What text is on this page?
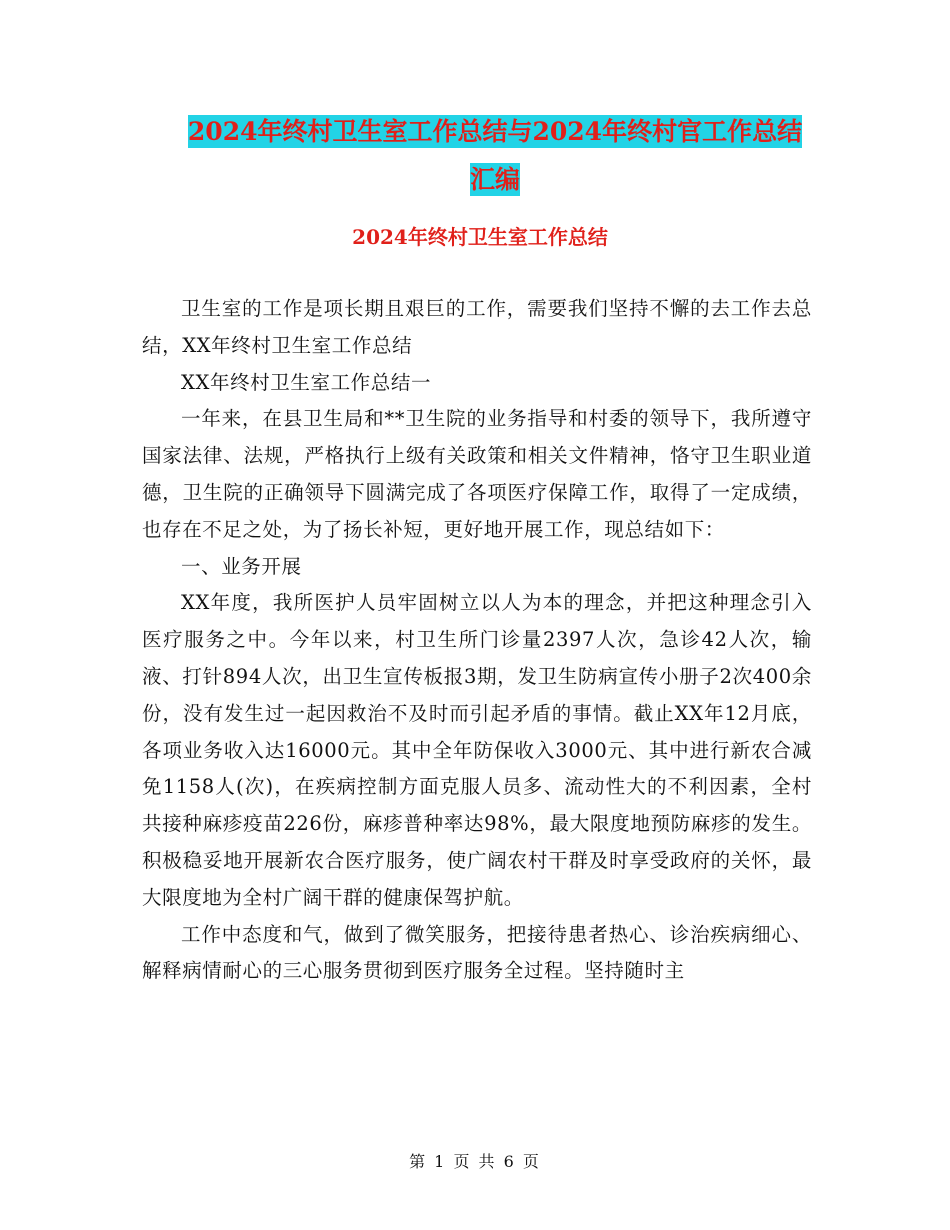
2024年终村卫生室工作总结与2024年终村官工作总结
汇编
2024年终村卫生室工作总结

卫生室的工作是项长期且艰巨的工作，需要我们坚持不懈的去工作去总结，XX年终村卫生室工作总结

XX年终村卫生室工作总结一

一年来，在县卫生局和**卫生院的业务指导和村委的领导下，我所遵守国家法律、法规，严格执行上级有关政策和相关文件精神，恪守卫生职业道德，卫生院的正确领导下圆满完成了各项医疗保障工作，取得了一定成绩，也存在不足之处，为了扬长补短，更好地开展工作，现总结如下：

一、业务开展

XX年度，我所医护人员牢固树立以人为本的理念，并把这种理念引入医疗服务之中。今年以来，村卫生所门诊量2397人次，急诊42人次，输液、打针894人次，出卫生宣传板报3期，发卫生防病宣传小册子2次400余份，没有发生过一起因救治不及时而引起矛盾的事情。截止XX年12月底，各项业务收入达16000元。其中全年防保收入3000元、其中进行新农合减免1158人(次)，在疾病控制方面克服人员多、流动性大的不利因素，全村共接种麻疹疫苗226份，麻疹普种率达98%，最大限度地预防麻疹的发生。积极稳妥地开展新农合医疗服务，使广阔农村干群及时享受政府的关怀，最大限度地为全村广阔干群的健康保驾护航。

工作中态度和气，做到了微笑服务，把接待患者热心、诊治疾病细心、解释病情耐心的三心服务贯彻到医疗服务全过程。坚持随时主

第 1 页 共 6 页
